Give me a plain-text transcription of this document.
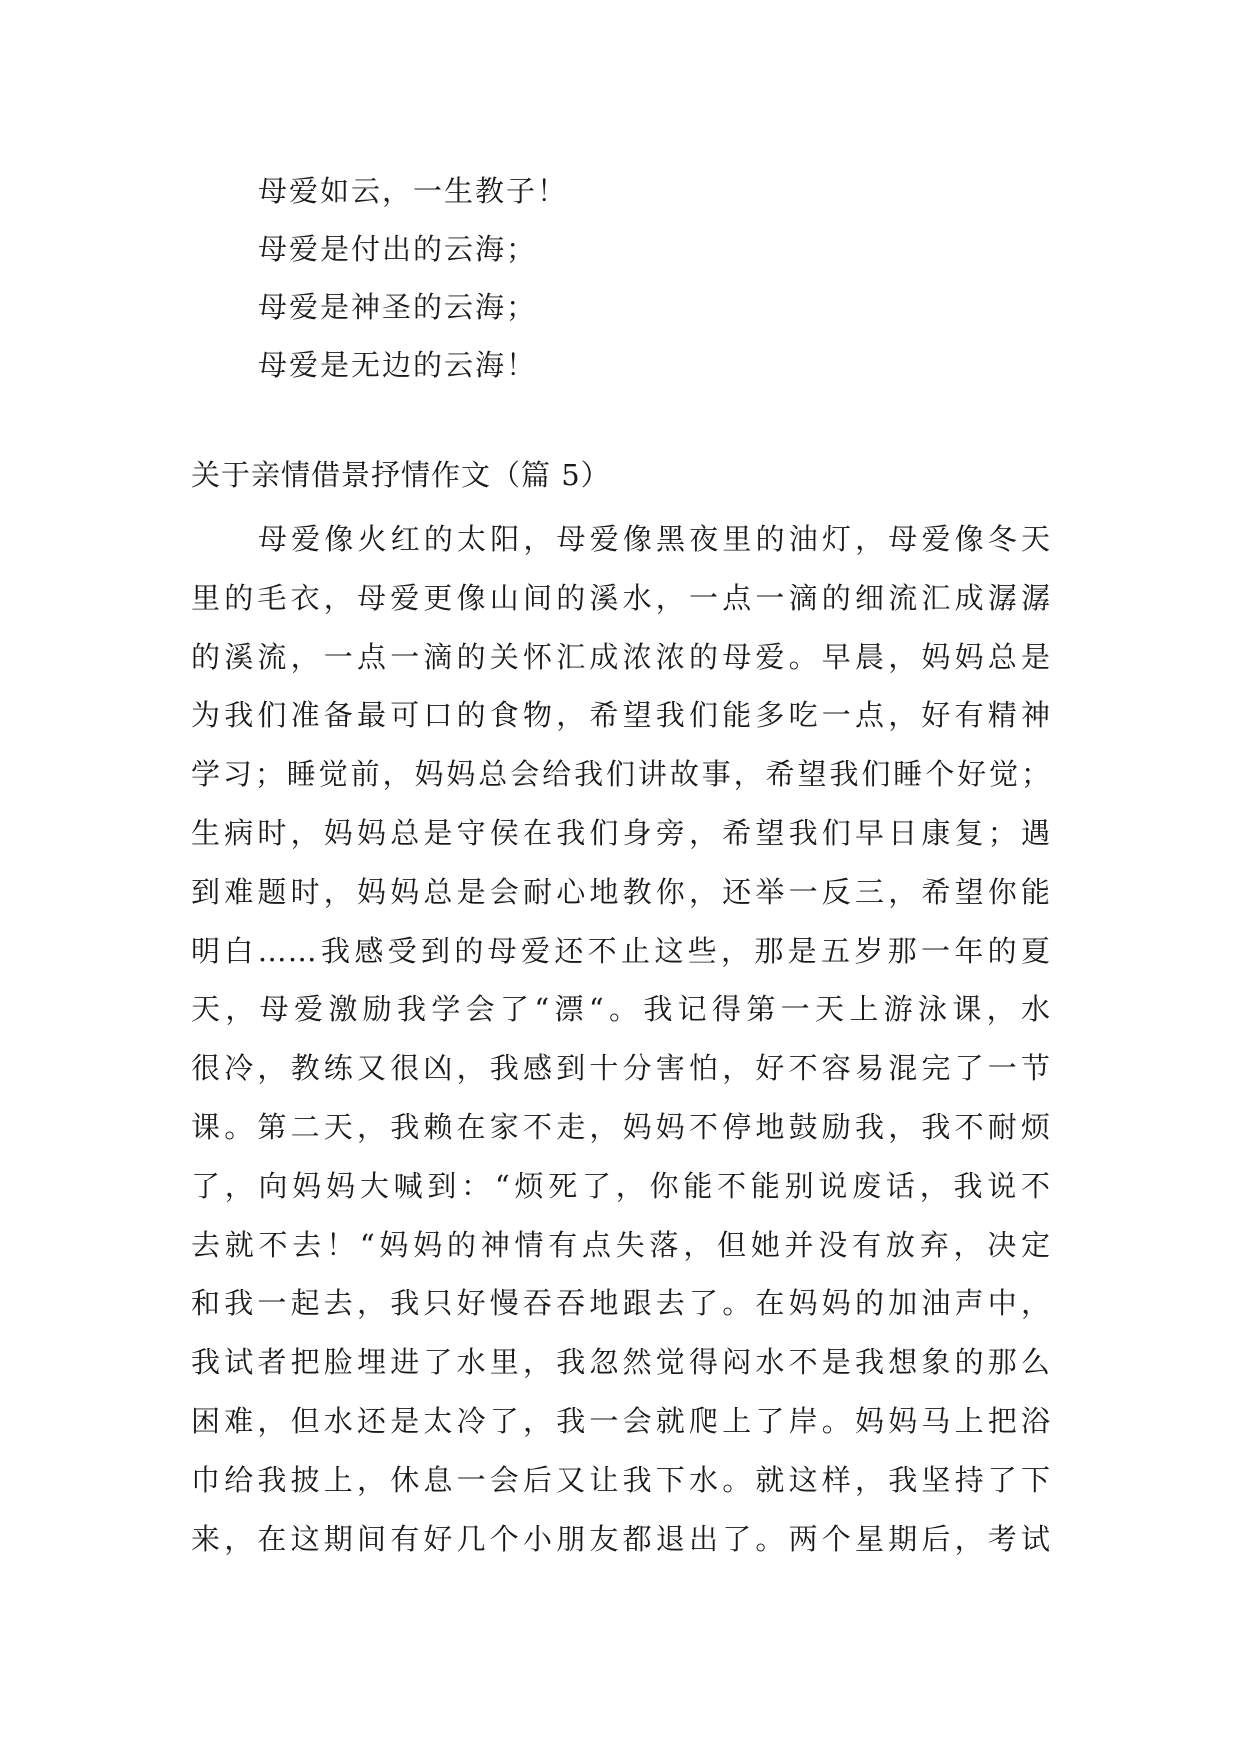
母爱如云，一生教子！
母爱是付出的云海；
母爱是神圣的云海；
母爱是无边的云海！
关于亲情借景抒情作文（篇 5）
母爱像火红的太阳，母爱像黑夜里的油灯，母爱像冬天
里的毛衣，母爱更像山间的溪水，一点一滴的细流汇成潺潺
的溪流，一点一滴的关怀汇成浓浓的母爱。早晨，妈妈总是
为我们准备最可口的食物，希望我们能多吃一点，好有精神
学习；睡觉前，妈妈总会给我们讲故事，希望我们睡个好觉；
生病时，妈妈总是守侯在我们身旁，希望我们早日康复；遇
到难题时，妈妈总是会耐心地教你，还举一反三，希望你能
明白……我感受到的母爱还不止这些，那是五岁那一年的夏
天，母爱激励我学会了“漂“。我记得第一天上游泳课，水
很冷，教练又很凶，我感到十分害怕，好不容易混完了一节
课。第二天，我赖在家不走，妈妈不停地鼓励我，我不耐烦
了，向妈妈大喊到：“烦死了，你能不能别说废话，我说不
去就不去！“妈妈的神情有点失落，但她并没有放弃，决定
和我一起去，我只好慢吞吞地跟去了。在妈妈的加油声中，
我试者把脸埋进了水里，我忽然觉得闷水不是我想象的那么
困难，但水还是太冷了，我一会就爬上了岸。妈妈马上把浴
巾给我披上，休息一会后又让我下水。就这样，我坚持了下
来，在这期间有好几个小朋友都退出了。两个星期后，考试
